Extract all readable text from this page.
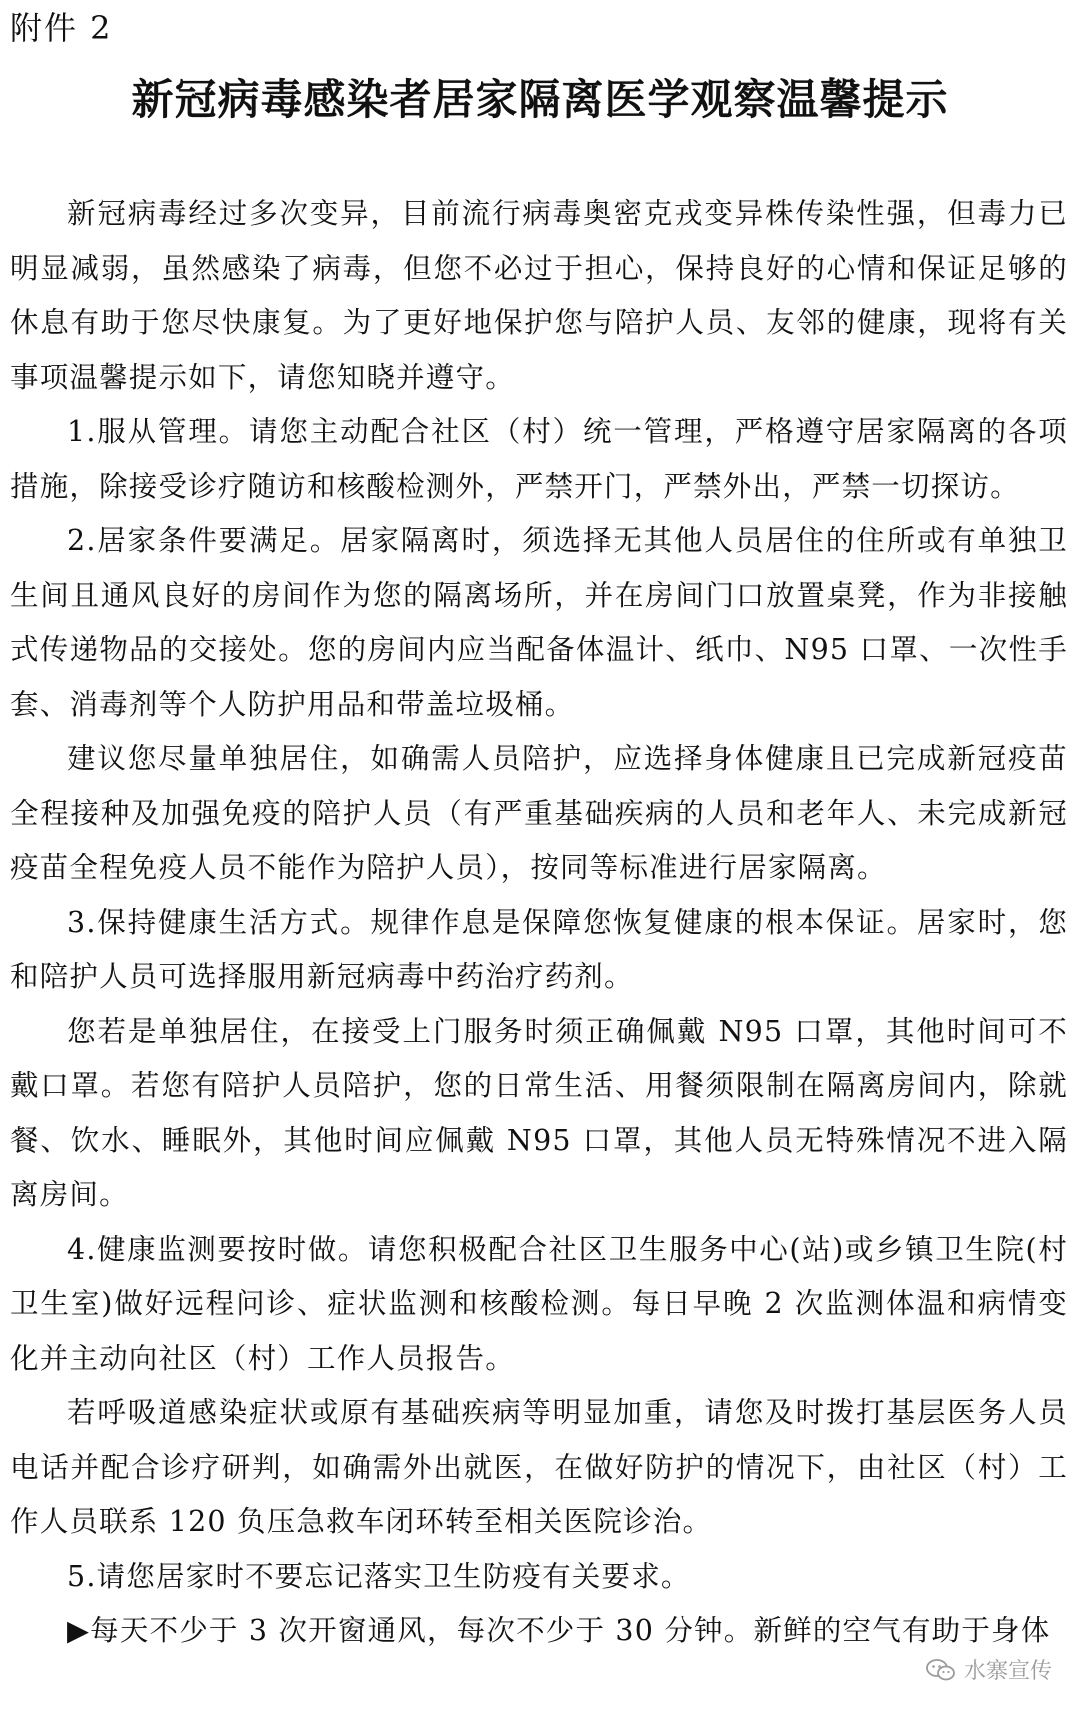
附件 2
新冠病毒感染者居家隔离医学观察温馨提示

新冠病毒经过多次变异，目前流行病毒奥密克戎变异株传染性强，但毒力已明显减弱，虽然感染了病毒，但您不必过于担心，保持良好的心情和保证足够的休息有助于您尽快康复。为了更好地保护您与陪护人员、友邻的健康，现将有关事项温馨提示如下，请您知晓并遵守。

1.服从管理。请您主动配合社区（村）统一管理，严格遵守居家隔离的各项措施，除接受诊疗随访和核酸检测外，严禁开门，严禁外出，严禁一切探访。

2.居家条件要满足。居家隔离时，须选择无其他人员居住的住所或有单独卫生间且通风良好的房间作为您的隔离场所，并在房间门口放置桌凳，作为非接触式传递物品的交接处。您的房间内应当配备体温计、纸巾、N95 口罩、一次性手套、消毒剂等个人防护用品和带盖垃圾桶。

建议您尽量单独居住，如确需人员陪护，应选择身体健康且已完成新冠疫苗全程接种及加强免疫的陪护人员（有严重基础疾病的人员和老年人、未完成新冠疫苗全程免疫人员不能作为陪护人员），按同等标准进行居家隔离。

3.保持健康生活方式。规律作息是保障您恢复健康的根本保证。居家时，您和陪护人员可选择服用新冠病毒中药治疗药剂。

您若是单独居住，在接受上门服务时须正确佩戴 N95 口罩，其他时间可不戴口罩。若您有陪护人员陪护，您的日常生活、用餐须限制在隔离房间内，除就餐、饮水、睡眠外，其他时间应佩戴 N95 口罩，其他人员无特殊情况不进入隔离房间。

4.健康监测要按时做。请您积极配合社区卫生服务中心(站)或乡镇卫生院(村卫生室)做好远程问诊、症状监测和核酸检测。每日早晚 2 次监测体温和病情变化并主动向社区（村）工作人员报告。

若呼吸道感染症状或原有基础疾病等明显加重，请您及时拨打基层医务人员电话并配合诊疗研判，如确需外出就医，在做好防护的情况下，由社区（村）工作人员联系 120 负压急救车闭环转至相关医院诊治。

5.请您居家时不要忘记落实卫生防疫有关要求。

▶每天不少于 3 次开窗通风，每次不少于 30 分钟。新鲜的空气有助于身体

水寨宣传
